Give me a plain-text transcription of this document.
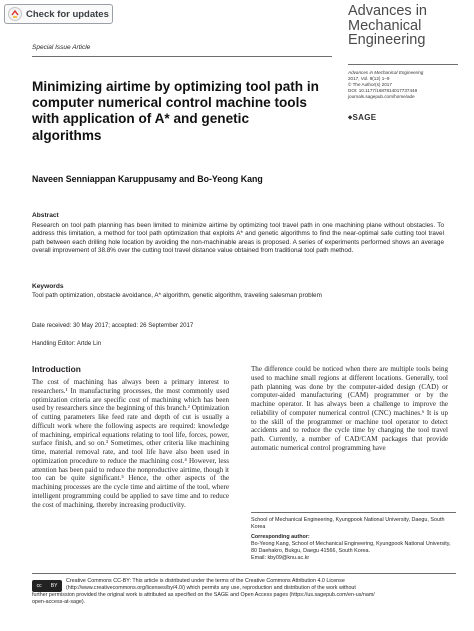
Check for updates	Advances in
Mechanical
Engineering
Special Issue Article
Advances in Mechanical Engineering
2017, Vol. 9(12) 1–9
© The Author(s) 2017
DOI: 10.1177/1687814017737448
journals.sagepub.com/home/ade
⬥SAGE
Minimizing airtime by optimizing tool path in computer numerical control machine tools with application of A* and genetic algorithms
Naveen Senniappan Karuppusamy and Bo-Yeong Kang
Abstract
Research on tool path planning has been limited to minimize airtime by optimizing tool travel path in one machining plane without obstacles. To address this limitation, a method for tool path optimization that exploits A* and genetic algorithms to find the near-optimal safe cutting tool travel path between each drilling hole location by avoiding the non-machinable areas is proposed. A series of experiments performed shows an average overall improvement of 38.8% over the cutting tool travel distance value obtained from traditional tool path method.
Keywords
Tool path optimization, obstacle avoidance, A* algorithm, genetic algorithm, traveling salesman problem
Date received: 30 May 2017; accepted: 26 September 2017
Handling Editor: Artde Lin
Introduction
The cost of machining has always been a primary interest to researchers.¹ In manufacturing processes, the most commonly used optimization criteria are specific cost of machining which has been used by researchers since the beginning of this branch.² Optimization of cutting parameters like feed rate and depth of cut is usually a difficult work where the following aspects are required: knowledge of machining, empirical equations relating to tool life, forces, power, surface finish, and so on.³ Sometimes, other criteria like machining time, material removal rate, and tool life have also been used in optimization procedure to reduce the machining cost.⁴ However, less attention has been paid to reduce the nonproductive airtime, though it too can be quite significant.⁵ Hence, the other aspects of the machining processes are the cycle time and airtime of the tool, where intelligent programming could be applied to save time and to reduce the cost of machining, thereby increasing productivity.
The difference could be noticed when there are multiple tools being used to machine small regions at different locations. Generally, tool path planning was done by the computer-aided design (CAD) or computer-aided manufacturing (CAM) programmer or by the machine operator. It has always been a challenge to improve the reliability of computer numerical control (CNC) machines.⁶ It is up to the skill of the programmer or machine tool operator to detect accidents and to reduce the cycle time by changing the tool travel path. Currently, a number of CAD/CAM packages that provide automatic numerical control programming have
School of Mechanical Engineering, Kyungpook National University, Daegu, South Korea
Corresponding author:
Bo-Yeong Kang, School of Mechanical Engineering, Kyungpook National University, 80 Daehakro, Bukgu, Daegu 41566, South Korea.
Email: kby09@knu.ac.kr
cc BY
Creative Commons CC-BY: This article is distributed under the terms of the Creative Commons Attribution 4.0 License
(http://www.creativecommons.org/licenses/by/4.0/) which permits any use, reproduction and distribution of the work without
further permission provided the original work is attributed as specified on the SAGE and Open Access pages (https://us.sagepub.com/en-us/nam/
open-access-at-sage).
